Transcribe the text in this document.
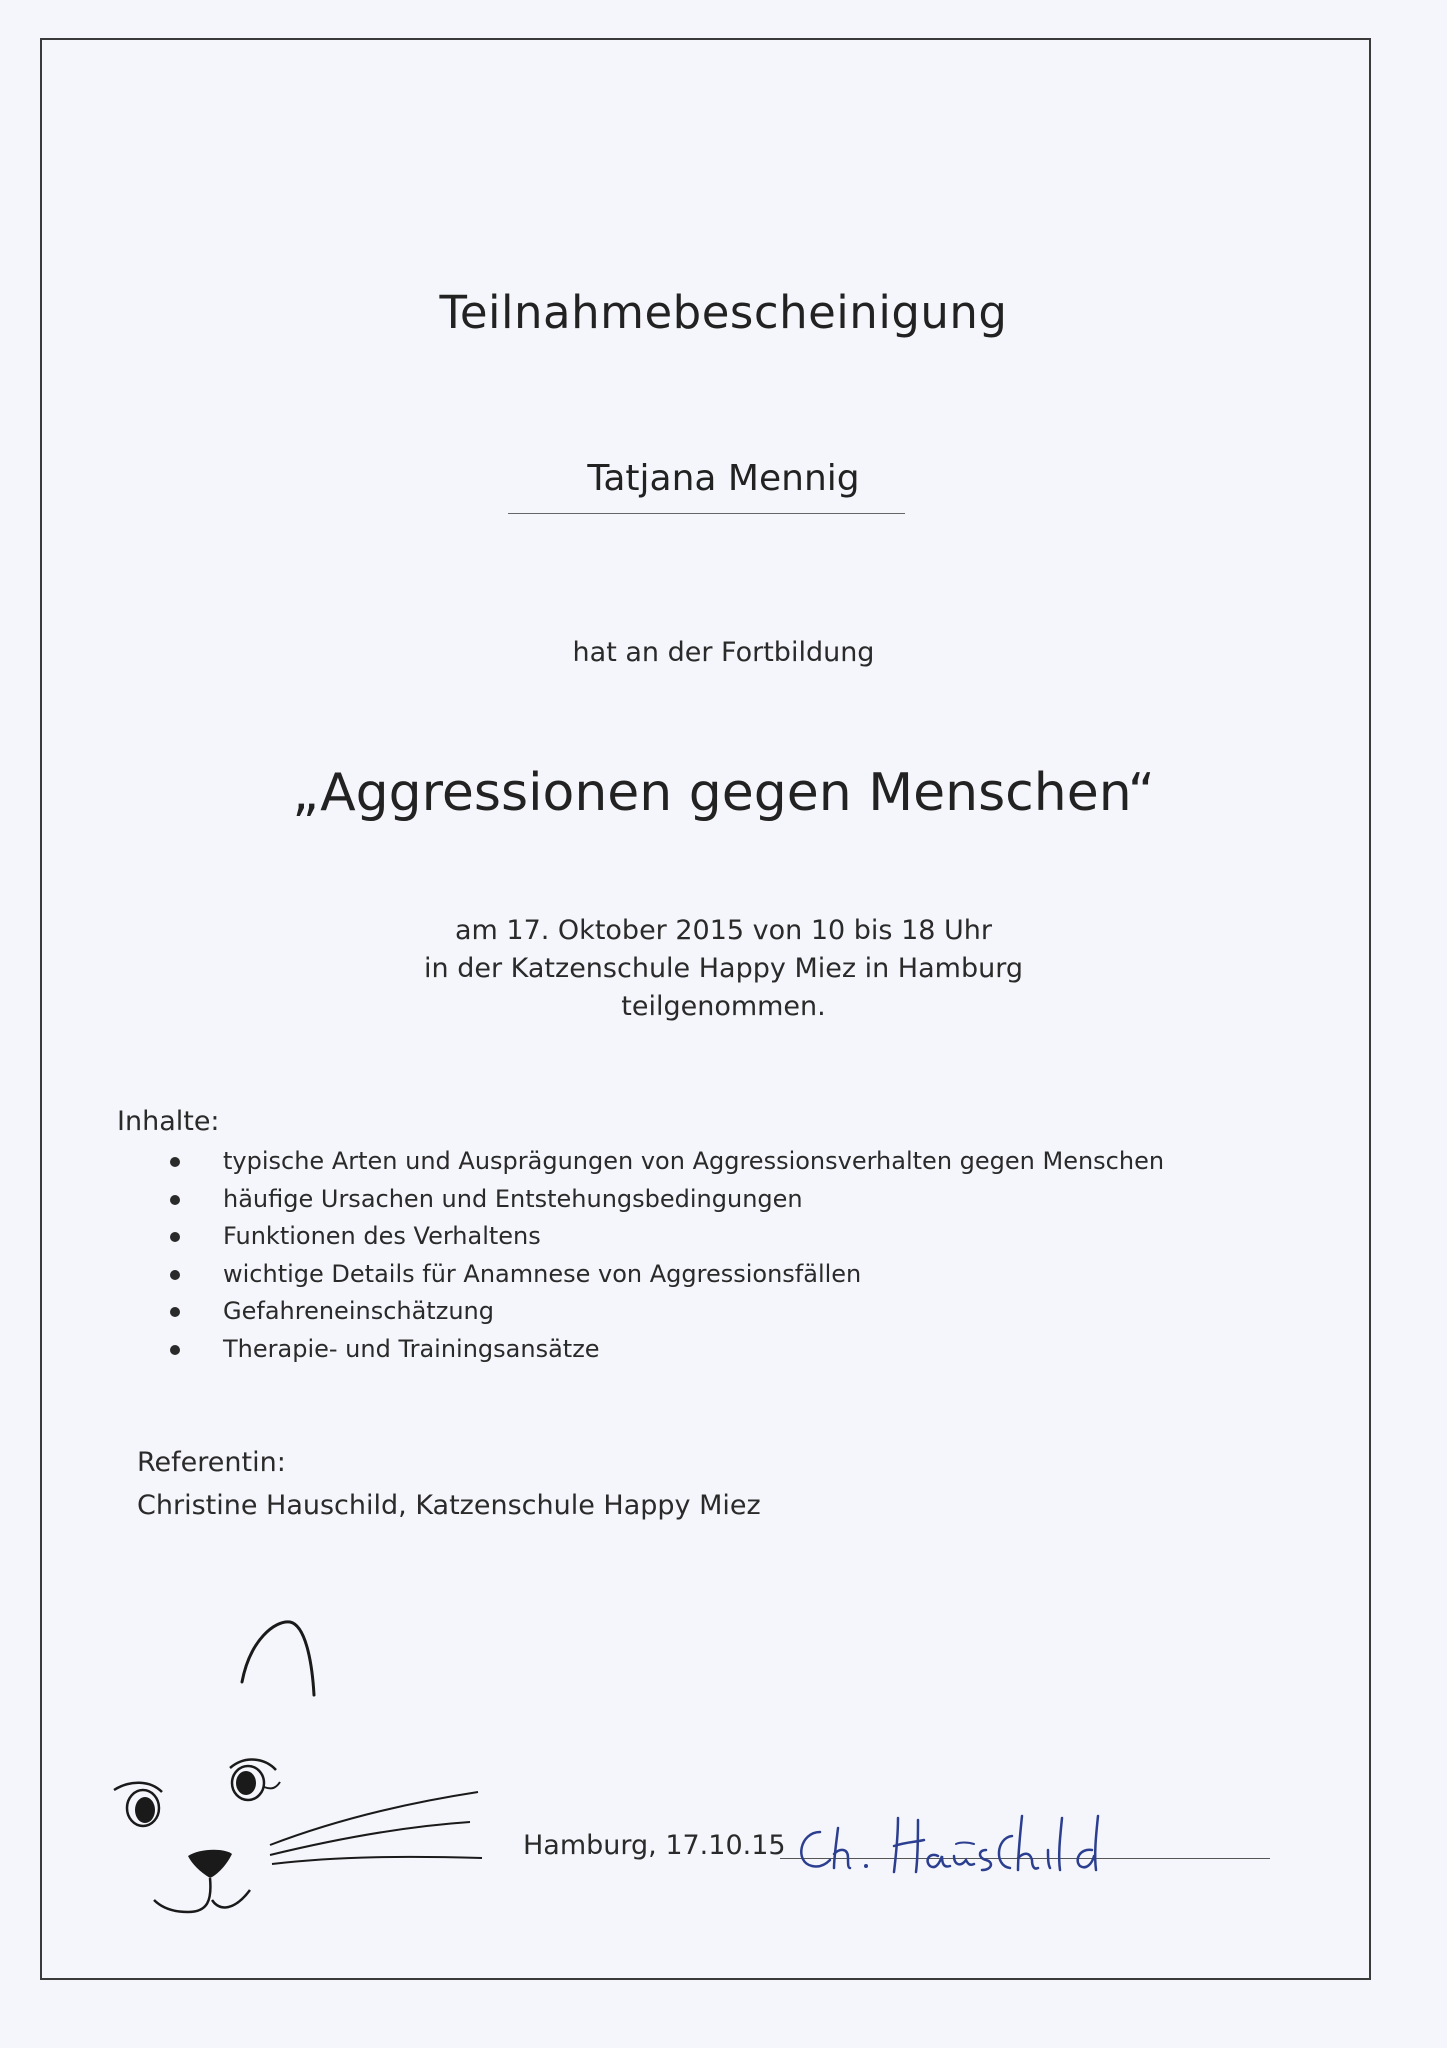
Teilnahmebescheinigung

Tatjana Mennig

hat an der Fortbildung

„Aggressionen gegen Menschen“

am 17. Oktober 2015 von 10 bis 18 Uhr
in der Katzenschule Happy Miez in Hamburg
teilgenommen.

Inhalte:

typische Arten und Ausprägungen von Aggressionsverhalten gegen Menschen
häufige Ursachen und Entstehungsbedingungen
Funktionen des Verhaltens
wichtige Details für Anamnese von Aggressionsfällen
Gefahreneinschätzung
Therapie- und Trainingsansätze

Referentin:

Christine Hauschild, Katzenschule Happy Miez

Hamburg, 17.10.15
